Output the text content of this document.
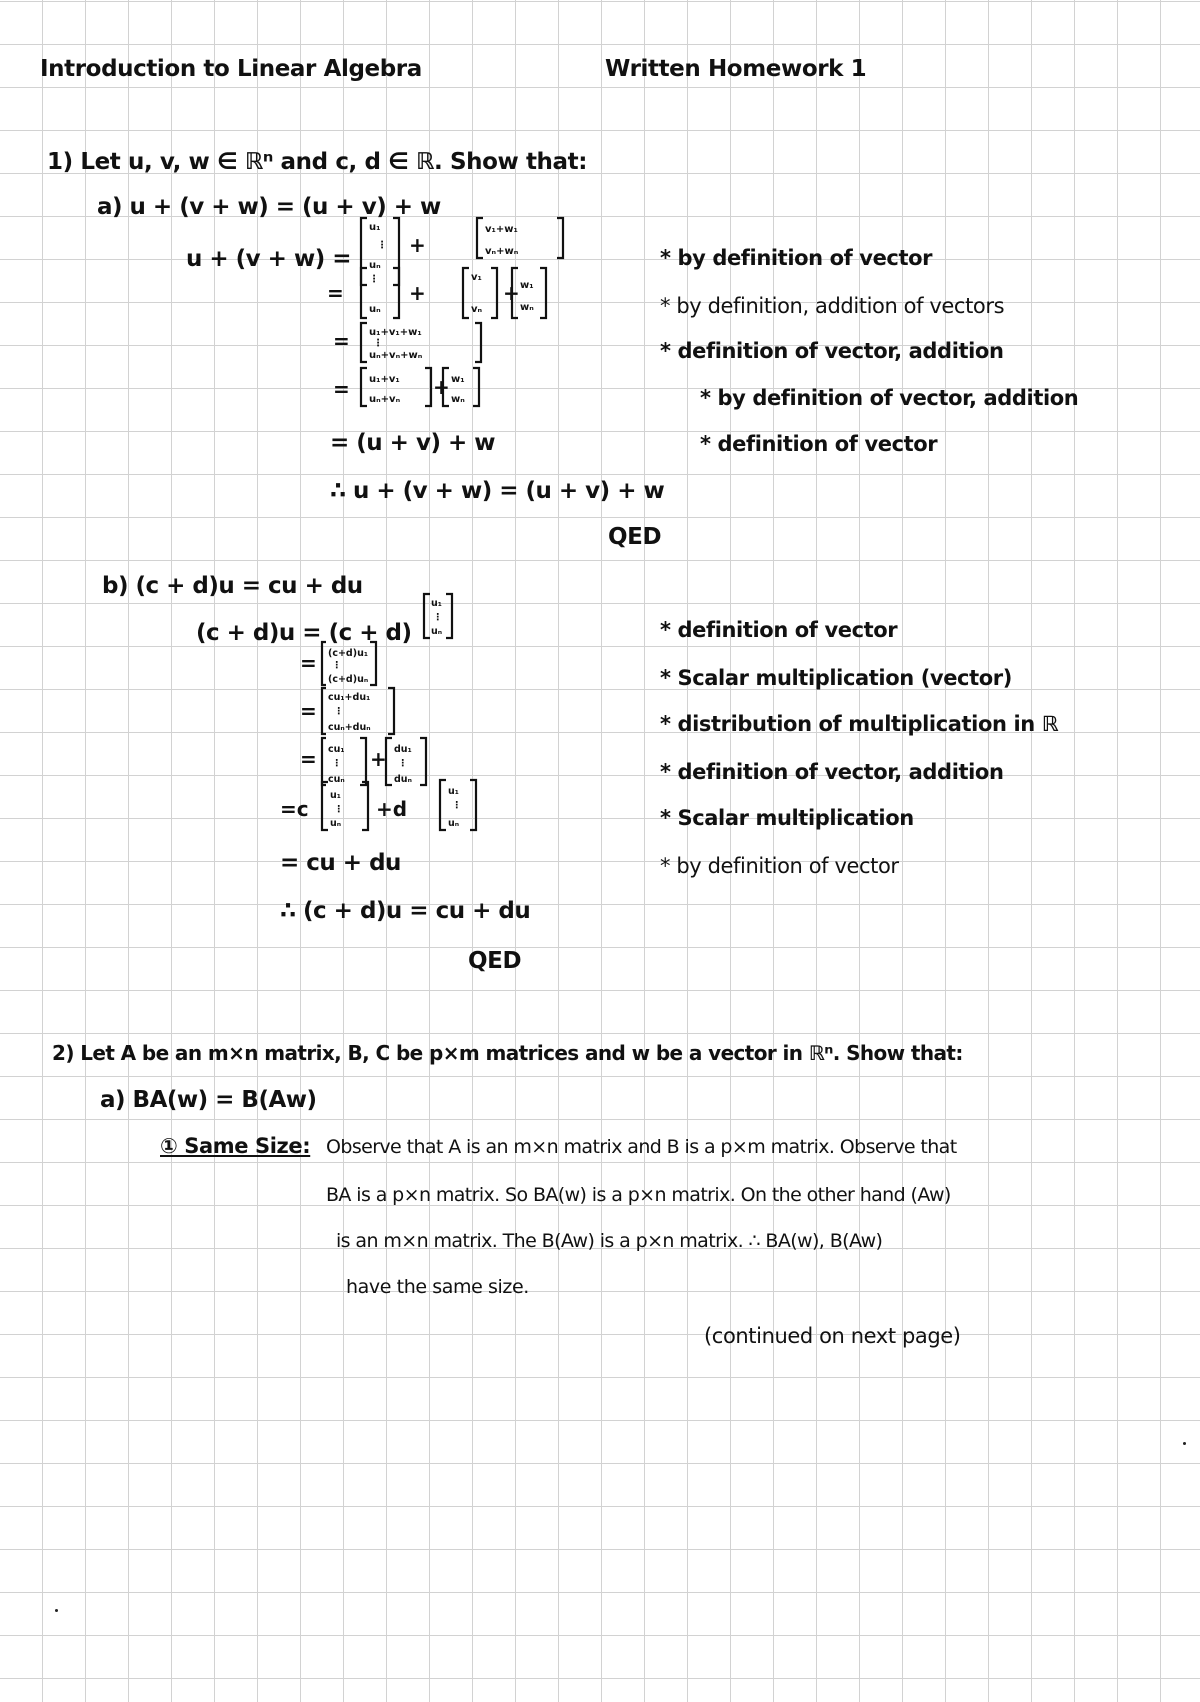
Introduction to Linear Algebra	Written Homework 1
1) Let u, v, w ∈ ℝⁿ and c, d ∈ ℝ. Show that:
a) u + (v + w) = (u + v) + w
u + (v + w) =
u₁
⋮
uₙ
v₁+w₁
vₙ+wₙ
⋮
uₙ
v₁
vₙ
w₁
wₙ
u₁+v₁+w₁
⋮
uₙ+vₙ+wₙ
u₁+v₁
uₙ+vₙ
w₁
wₙ
=
+
+	+
=
=	+
= (u + v) + w
∴ u + (v + w) = (u + v) + w
QED
* by definition of vector
* by definition, addition of vectors
* definition of vector, addition
* by definition of vector, addition
* definition of vector
b) (c + d)u = cu + du
(c + d)u = (c + d)
u₁
⋮
uₙ
(c+d)u₁
⋮
(c+d)uₙ
cu₁+du₁
⋮
cuₙ+duₙ
cu₁
⋮
cuₙ
du₁
⋮
duₙ
u₁
⋮
uₙ
u₁
⋮
uₙ
=
=
=	+
=c	+d
= cu + du
∴ (c + d)u = cu + du
QED
* definition of vector
* Scalar multiplication (vector)
* distribution of multiplication in ℝ
* definition of vector, addition
* Scalar multiplication
* by definition of vector
2) Let A be an m×n matrix, B, C be p×m matrices and w be a vector in ℝⁿ. Show that:
a) BA(w) = B(Aw)
① Same Size: Observe that A is an m×n matrix and B is a p×m matrix. Observe that
BA is a p×n matrix. So BA(w) is a p×n matrix. On the other hand (Aw)
is an m×n matrix. The B(Aw) is a p×n matrix. ∴ BA(w), B(Aw)
have the same size.
(continued on next page)
